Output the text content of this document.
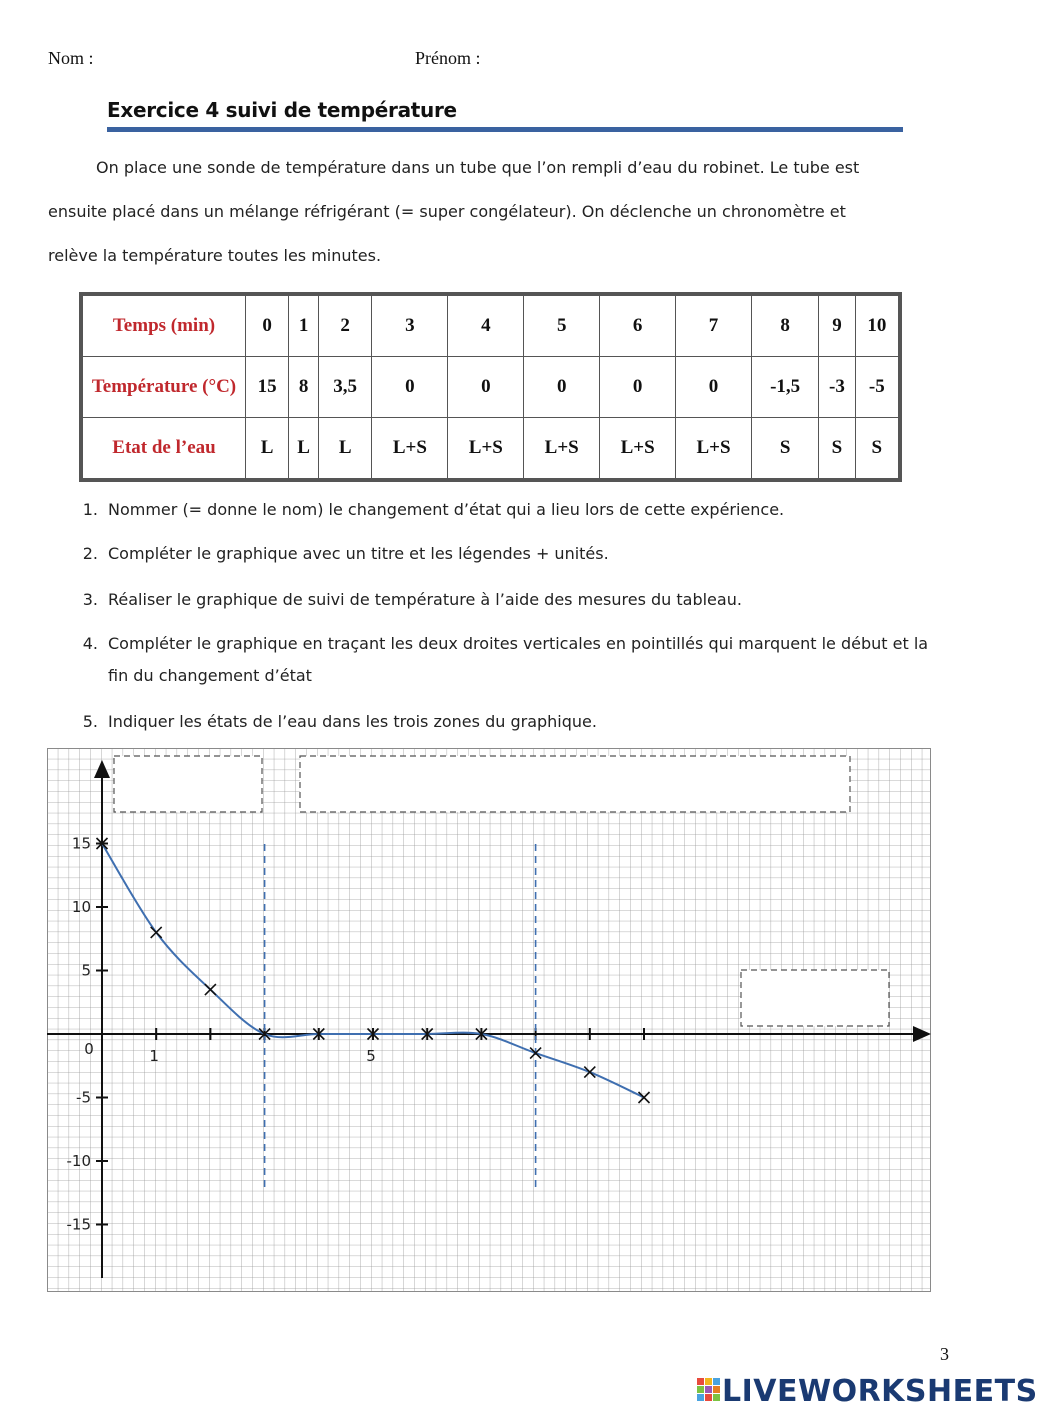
Nom :	Prénom :
Exercice 4 suivi de température
On place une sonde de température dans un tube que l’on rempli d’eau du robinet. Le tube est
ensuite placé dans un mélange réfrigérant (= super congélateur). On déclenche un chronomètre et
relève la température toutes les minutes.
Temps (min)	0	1	2	3	4	5	6	7	8	9	10
Température (°C)	15	8	3,5	0	0	0	0	0	-1,5	-3	-5
Etat de l’eau	L	L	L	L+S	L+S	L+S	L+S	L+S	S	S	S
1. Nommer (= donne le nom) le changement d’état qui a lieu lors de cette expérience.
2. Compléter le graphique avec un titre et les légendes + unités.
3. Réaliser le graphique de suivi de température à l’aide des mesures du tableau.
4. Compléter le graphique en traçant les deux droites verticales en pointillés qui marquent le début et la fin du changement d’état
5. Indiquer les états de l’eau dans les trois zones du graphique.
0	1	5
15
10
5
-5
-10
-15
3
LIVEWORKSHEETS
